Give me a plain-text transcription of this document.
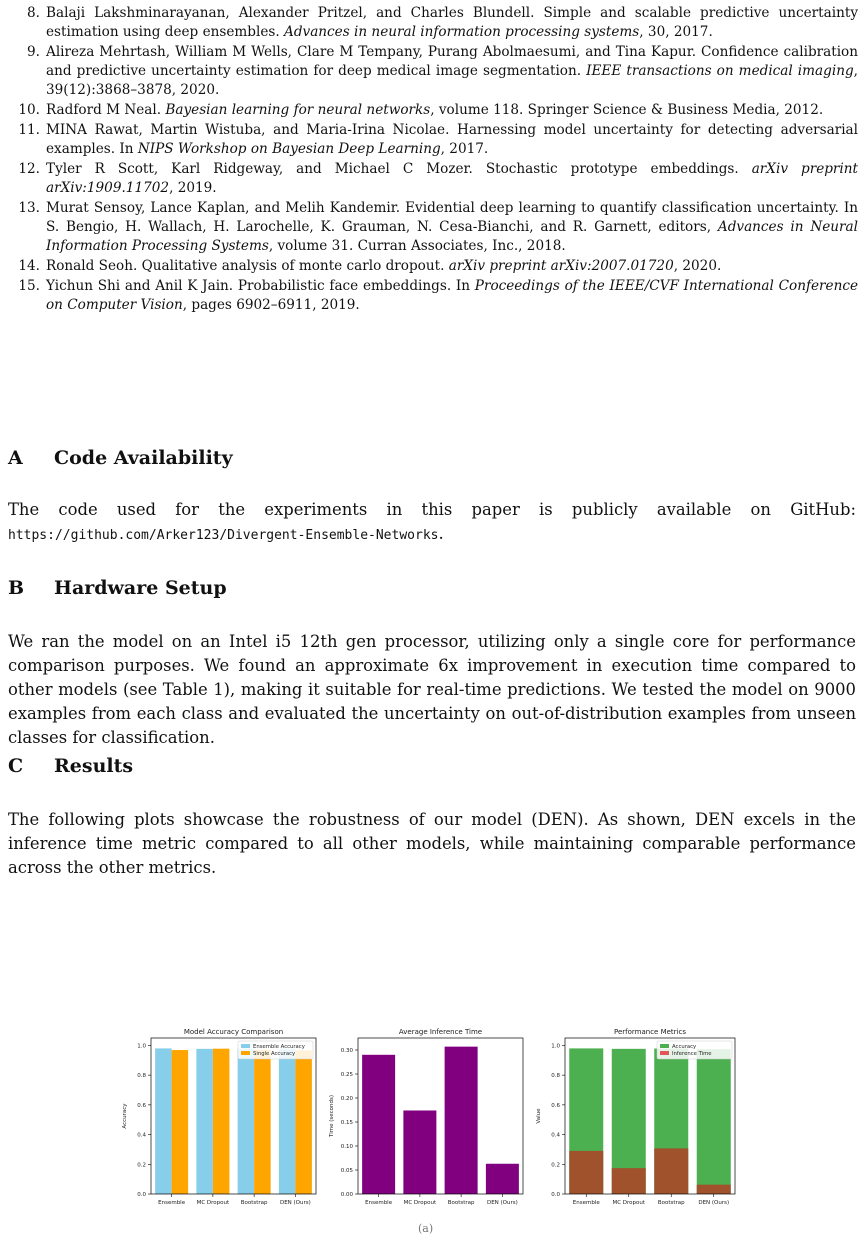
8. Balaji Lakshminarayanan, Alexander Pritzel, and Charles Blundell. Simple and scalable predictive uncertainty estimation using deep ensembles. Advances in neural information processing systems, 30, 2017.
9. Alireza Mehrtash, William M Wells, Clare M Tempany, Purang Abolmaesumi, and Tina Kapur. Confidence calibration and predictive uncertainty estimation for deep medical image segmentation. IEEE transactions on medical imaging, 39(12):3868–3878, 2020.
10. Radford M Neal. Bayesian learning for neural networks, volume 118. Springer Science & Business Media, 2012.
11. MINA Rawat, Martin Wistuba, and Maria-Irina Nicolae. Harnessing model uncertainty for detecting adversarial examples. In NIPS Workshop on Bayesian Deep Learning, 2017.
12. Tyler R Scott, Karl Ridgeway, and Michael C Mozer. Stochastic prototype embeddings. arXiv preprint arXiv:1909.11702, 2019.
13. Murat Sensoy, Lance Kaplan, and Melih Kandemir. Evidential deep learning to quantify classification uncertainty. In S. Bengio, H. Wallach, H. Larochelle, K. Grauman, N. Cesa-Bianchi, and R. Garnett, editors, Advances in Neural Information Processing Systems, volume 31. Curran Associates, Inc., 2018.
14. Ronald Seoh. Qualitative analysis of monte carlo dropout. arXiv preprint arXiv:2007.01720, 2020.
15. Yichun Shi and Anil K Jain. Probabilistic face embeddings. In Proceedings of the IEEE/CVF International Conference on Computer Vision, pages 6902–6911, 2019.
A Code Availability

The code used for the experiments in this paper is publicly available on GitHub: https://github.com/Arker123/Divergent-Ensemble-Networks.

B Hardware Setup

We ran the model on an Intel i5 12th gen processor, utilizing only a single core for performance comparison purposes. We found an approximate 6x improvement in execution time compared to other models (see Table 1), making it suitable for real-time predictions. We tested the model on 9000 examples from each class and evaluated the uncertainty on out-of-distribution examples from unseen classes for classification.

C Results

The following plots showcase the robustness of our model (DEN). As shown, DEN excels in the inference time metric compared to all other models, while maintaining comparable performance across the other metrics.

Model Accuracy Comparison
Accuracy
0.0
0.2
0.4
0.6
0.8
1.0
Ensemble MC Dropout Bootstrap DEN (Ours)
Ensemble Accuracy
Single Accuracy
Average Inference Time
Time (seconds)
0.00
0.05
0.10
0.15
0.20
0.25
0.30
Ensemble MC Dropout Bootstrap DEN (Ours)
Performance Metrics
Value
0.0
0.2
0.4
0.6
0.8
1.0
Ensemble MC Dropout Bootstrap DEN (Ours)
Accuracy
Inference Time
(a)
